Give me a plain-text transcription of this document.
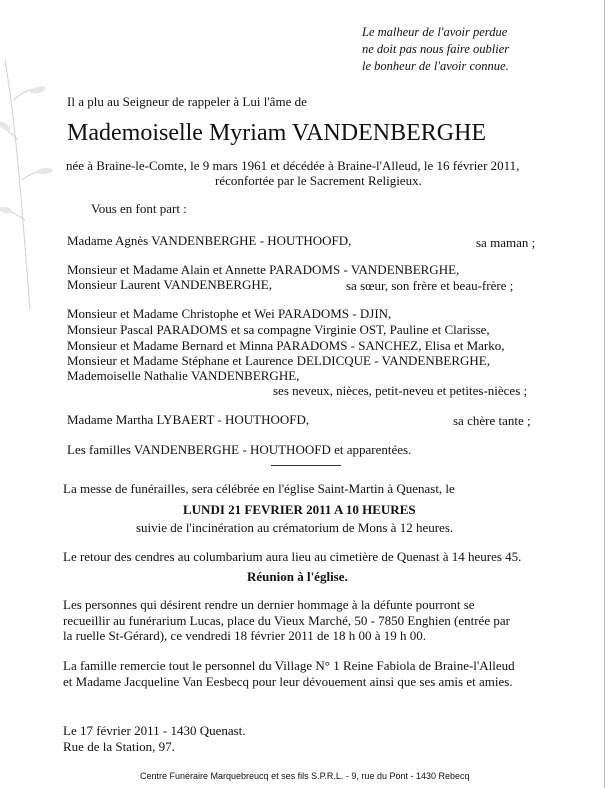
Le malheur de l'avoir perdue
ne doit pas nous faire oublier
le bonheur de l'avoir connue.
Il a plu au Seigneur de rappeler à Lui l'âme de
Mademoiselle Myriam VANDENBERGHE
née à Braine-le-Comte, le 9 mars 1961 et décédée à Braine-l'Alleud, le 16 février 2011,
réconfortée par le Sacrement Religieux.
Vous en font part :
Madame Agnès VANDENBERGHE - HOUTHOOFD,	sa maman ;
Monsieur et Madame Alain et Annette PARADOMS - VANDENBERGHE,
Monsieur Laurent VANDENBERGHE,	sa sœur, son frère et beau-frère ;
Monsieur et Madame Christophe et Wei PARADOMS - DJIN,
Monsieur Pascal PARADOMS et sa compagne Virginie OST, Pauline et Clarisse,
Monsieur et Madame Bernard et Minna PARADOMS - SANCHEZ, Elisa et Marko,
Monsieur et Madame Stéphane et Laurence DELDICQUE - VANDENBERGHE,
Mademoiselle Nathalie VANDENBERGHE,
ses neveux, nièces, petit-neveu et petites-nièces ;
Madame Martha LYBAERT - HOUTHOOFD,	sa chère tante ;
Les familles VANDENBERGHE - HOUTHOOFD et apparentées.
La messe de funérailles, sera célébrée en l'église Saint-Martin à Quenast, le
LUNDI 21 FEVRIER 2011 A 10 HEURES
suivie de l'incinération au crématorium de Mons à 12 heures.
Le retour des cendres au columbarium aura lieu au cimetière de Quenast à 14 heures 45.
Réunion à l'église.
Les personnes qui désirent rendre un dernier hommage à la défunte pourront se
recueillir au funérarium Lucas, place du Vieux Marché, 50 - 7850 Enghien (entrée par
la ruelle St-Gérard), ce vendredi 18 février 2011 de 18 h 00 à 19 h 00.
La famille remercie tout le personnel du Village N° 1 Reine Fabiola de Braine-l'Alleud
et Madame Jacqueline Van Eesbecq pour leur dévouement ainsi que ses amis et amies.
Le 17 février 2011 - 1430 Quenast.
Rue de la Station, 97.
Centre Funéraire Marquebreucq et ses fils S.P.R.L. - 9, rue du Pont - 1430 Rebecq
